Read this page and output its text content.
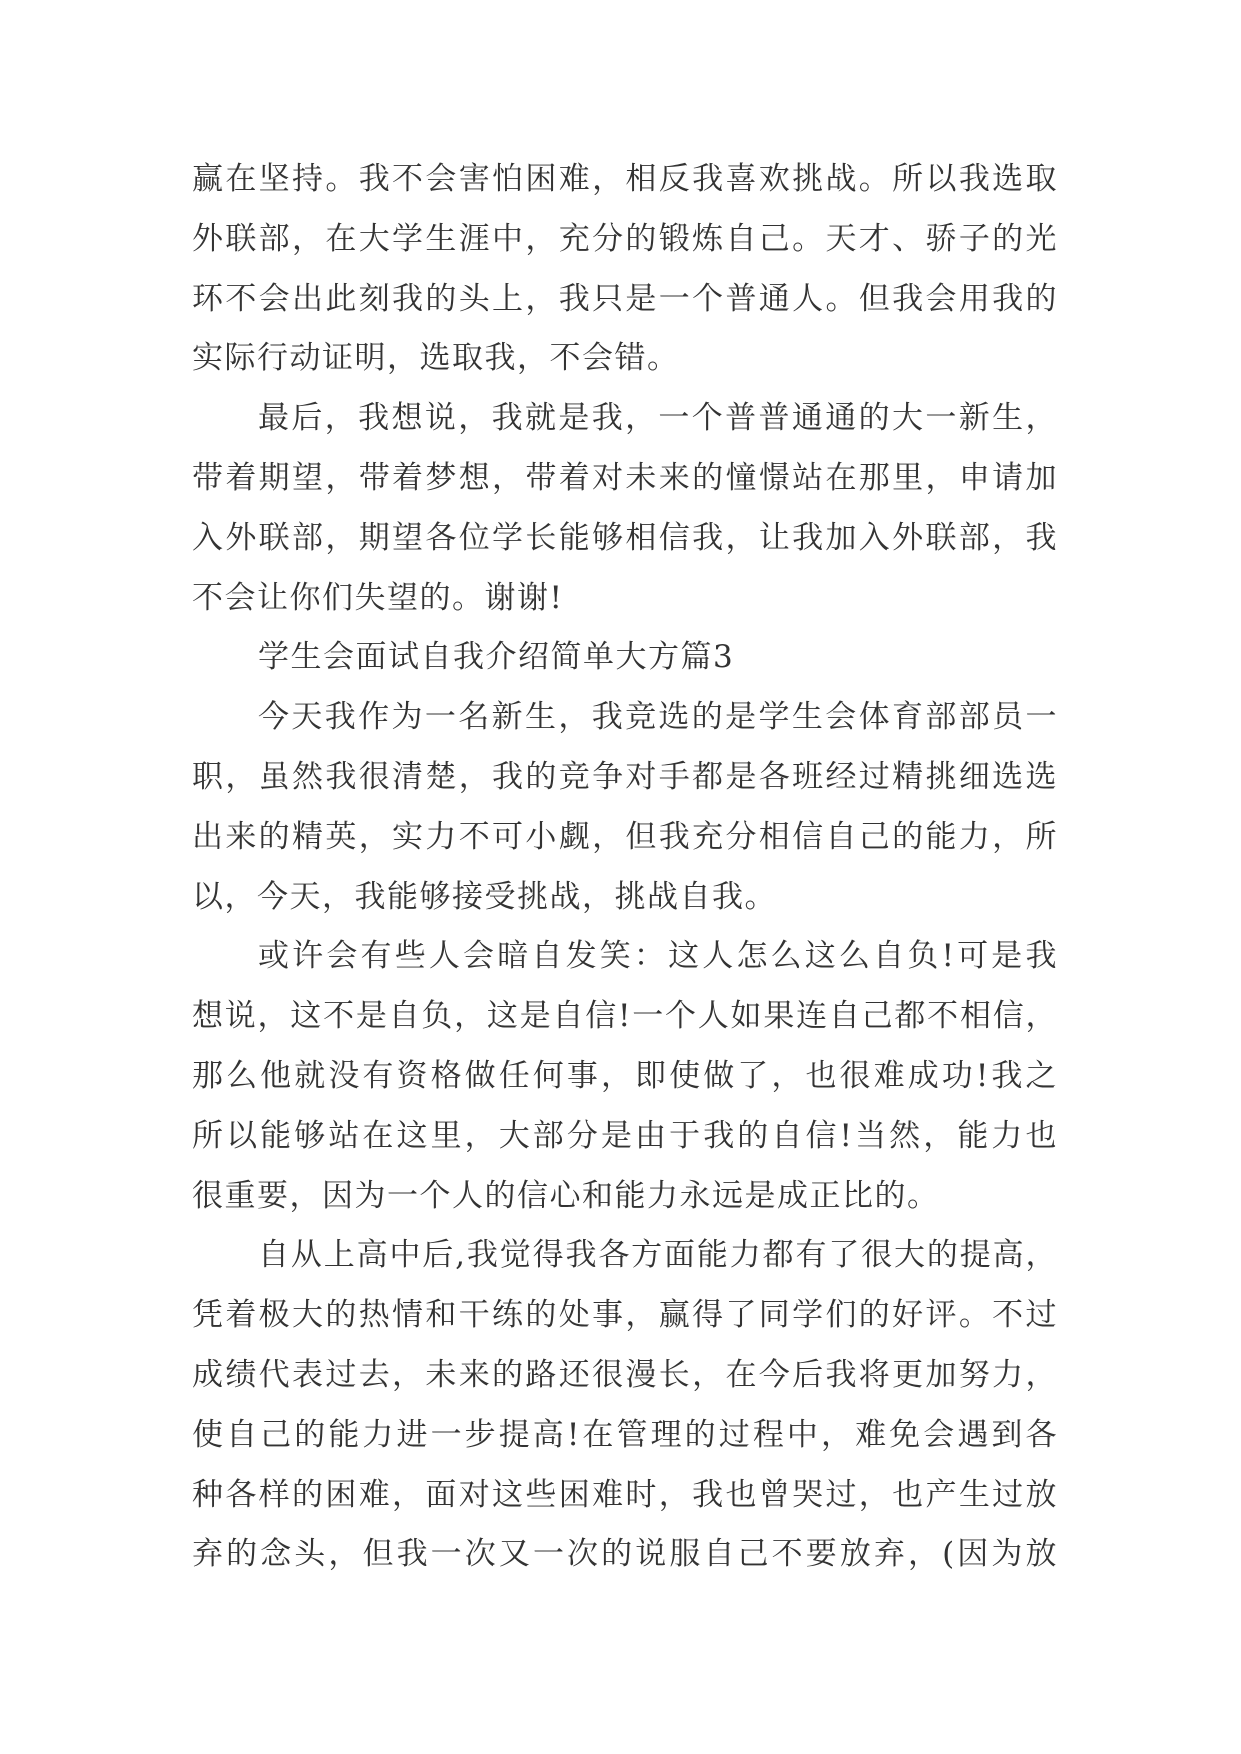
赢在坚持。我不会害怕困难，相反我喜欢挑战。所以我选取
外联部，在大学生涯中，充分的锻炼自己。天才、骄子的光
环不会出此刻我的头上，我只是一个普通人。但我会用我的
实际行动证明，选取我，不会错。
最后，我想说，我就是我，一个普普通通的大一新生，
带着期望，带着梦想，带着对未来的憧憬站在那里，申请加
入外联部，期望各位学长能够相信我，让我加入外联部，我
不会让你们失望的。谢谢!
学生会面试自我介绍简单大方篇3
今天我作为一名新生，我竞选的是学生会体育部部员一
职，虽然我很清楚，我的竞争对手都是各班经过精挑细选选
出来的精英，实力不可小觑，但我充分相信自己的能力，所
以，今天，我能够接受挑战，挑战自我。
或许会有些人会暗自发笑：这人怎么这么自负!可是我
想说，这不是自负，这是自信!一个人如果连自己都不相信，
那么他就没有资格做任何事，即使做了，也很难成功!我之
所以能够站在这里，大部分是由于我的自信!当然，能力也
很重要，因为一个人的信心和能力永远是成正比的。
自从上高中后,我觉得我各方面能力都有了很大的提高，
凭着极大的热情和干练的处事，赢得了同学们的好评。不过
成绩代表过去，未来的路还很漫长，在今后我将更加努力，
使自己的能力进一步提高!在管理的过程中，难免会遇到各
种各样的困难，面对这些困难时，我也曾哭过，也产生过放
弃的念头，但我一次又一次的说服自己不要放弃，(因为放
